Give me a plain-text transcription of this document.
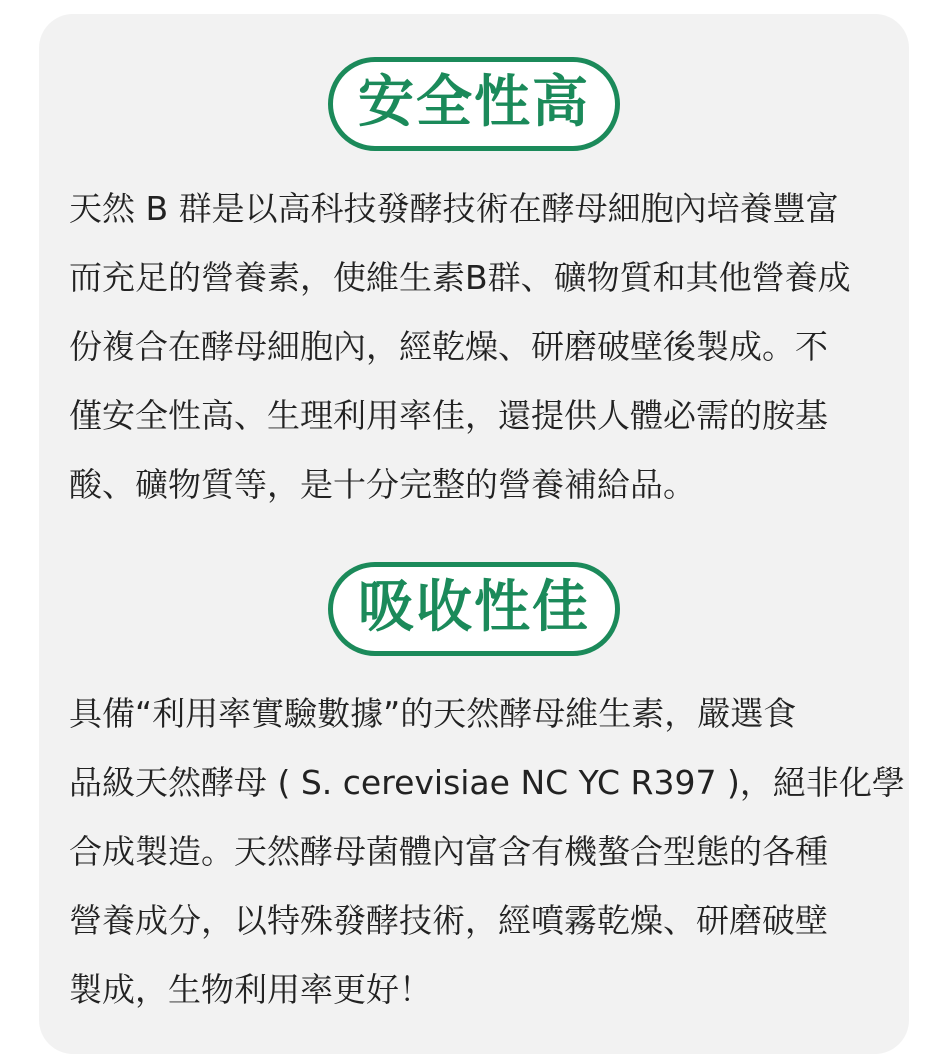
安全性高
天然 B 群是以高科技發酵技術在酵母細胞內培養豐富
而充足的營養素，使維生素B群、礦物質和其他營養成
份複合在酵母細胞內，經乾燥、研磨破壁後製成。不
僅安全性高、生理利用率佳，還提供人體必需的胺基
酸、礦物質等，是十分完整的營養補給品。
吸收性佳
具備“利用率實驗數據”的天然酵母維生素，嚴選食
品級天然酵母 ( S. cerevisiae NC YC R397 )，絕非化學
合成製造。天然酵母菌體內富含有機螯合型態的各種
營養成分，以特殊發酵技術，經噴霧乾燥、研磨破壁
製成，生物利用率更好！
